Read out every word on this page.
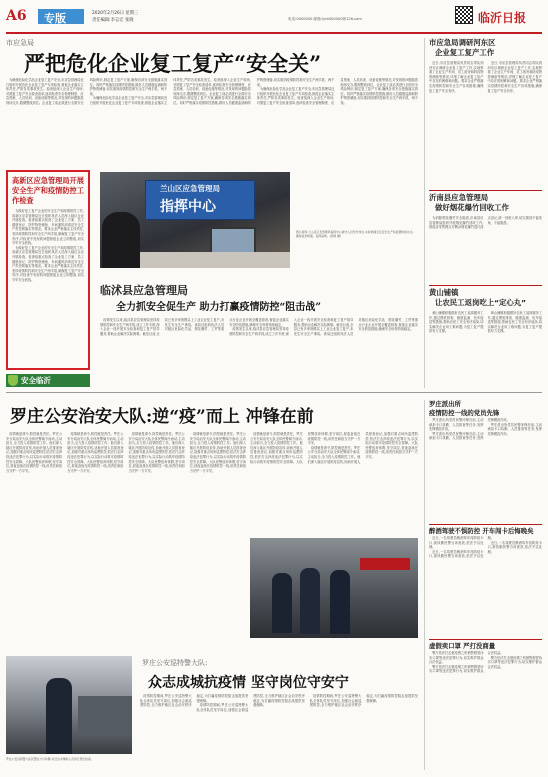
A6 专版	2020年2月26日 星期三
责任编辑:李志宏 张晓	电话:0000000 邮箱:lyrb000000@126.com	临沂日报
市应急局
严把危化企业复工复产“安全关”

为确保危险化学品企业复工复产安全,市应急管理局近日组织开展危化企业复工复产专项检查,督促企业落实主体责任,严防各类事故发生。检查组深入企业生产现场,对照复工复产安全检查清单,逐项检查安全管理制度、应急预案、人员培训、设备设施等情况,对发现的问题隐患现场交办,限期整改到位。企业复工前必须进行全面安全风险辨识,制定复工复产方案,确保各项安全措施落实到位。同时严格落实疫情防控措施,做好人员健康监测和防护物资储备,切实做到疫情防控和安全生产两手抓、两不误。

为确保危险化学品企业复工复产安全,市应急管理局近日组织开展危化企业复工复产专项检查,督促企业落实主体责任,严防各类事故发生。检查组深入企业生产现场,对照复工复产安全检查清单,逐项检查安全管理制度、应急预案、人员培训、设备设施等情况,对发现的问题隐患现场交办,限期整改到位。企业复工前必须进行全面安全风险辨识,制定复工复产方案,确保各项安全措施落实到位。同时严格落实疫情防控措施,做好人员健康监测和防护物资储备,切实做到疫情防控和安全生产两手抓、两不误。

为确保危险化学品企业复工复产安全,市应急管理局近日组织开展危化企业复工复产专项检查,督促企业落实主体责任,严防各类事故发生。检查组深入企业生产现场,对照复工复产安全检查清单,逐项检查安全管理制度、应急预案、人员培训、设备设施等情况,对发现的问题隐患现场交办,限期整改到位。企业复工前必须进行全面安全风险辨识,制定复工复产方案,确保各项安全措施落实到位。同时严格落实疫情防控措施,做好人员健康监测和防护物资储备,切实做到疫情防控和安全生产两手抓、两不误。

高新区应急管理局开展安全生产和疫情防控工作检查

为做好复工复产企业的安全生产和疫情防控工作,高新区应急管理局近日组织执法人员深入辖区企业开展检查。检查组重点检查了企业复工方案、员工健康登记、防护物资储备、车间通风消毒及安全生产责任制落实等情况。要求企业严格落实主体责任,坚持疫情防控和安全生产两手抓,确保复工复产安全有序,对检查中发现的问题督促企业立即整改,切实守牢安全底线。

为做好复工复产企业的安全生产和疫情防控工作,高新区应急管理局近日组织执法人员深入辖区企业开展检查。检查组重点检查了企业复工方案、员工健康登记、防护物资储备、车间通风消毒及安全生产责任制落实等情况。要求企业严格落实主体责任,坚持疫情防控和安全生产两手抓,确保复工复产安全有序,对检查中发现的问题督促企业立即整改,切实守牢安全底线。

安全临沂
兰山区应急管理局
指挥中心
图片新闻:兰山区应急管理局指挥中心值守人员坚守岗位,实时掌握全区安全生产和疫情防控动态,确保信息畅通、指挥高效。(孙明 摄)
临沭县应急管理局
全力抓安全促生产 助力打赢疫情防控“阻击战”

疫情发生以来,临沭县应急管理局坚持疫情防控和安全生产两手抓,成立工作专班,深入企业一线开展安全检查和复工复产指导服务,帮助企业解决实际困难。截至目前,全县已有多家规模以上工业企业复工复产,未发生安全生产事故。该局还组织执法人员对辖区危险化学品、烟花爆竹、工贸等重点行业企业开展全覆盖排查,督促企业落实安全防范措施,确保安全形势持续稳定。

疫情发生以来,临沭县应急管理局坚持疫情防控和安全生产两手抓,成立工作专班,深入企业一线开展安全检查和复工复产指导服务,帮助企业解决实际困难。截至目前,全县已有多家规模以上工业企业复工复产,未发生安全生产事故。该局还组织执法人员对辖区危险化学品、烟花爆竹、工贸等重点行业企业开展全覆盖排查,督促企业落实安全防范措施,确保安全形势持续稳定。

市应急局调研河东区
企业复工复产工作

近日,市应急管理局负责同志带队到河东区调研企业复工复产工作,实地察看了企业生产车间、员工宿舍和防疫物资储备等情况,详细了解企业复工复产中存在的困难和问题。要求企业严格落实疫情防控和安全生产各项措施,确保复工复产安全有序。

近日,市应急管理局负责同志带队到河东区调研企业复工复产工作,实地察看了企业生产车间、员工宿舍和防疫物资储备等情况,详细了解企业复工复产中存在的困难和问题。要求企业严格落实疫情防控和安全生产各项措施,确保复工复产安全有序。

沂南县应急管理局
做好烟花爆竹回收工作

为消除烟花爆竹安全隐患,沂南县应急管理局组织开展烟花爆竹回收工作,督促各零售网点对剩余烟花爆竹进行清点登记,统一回收入库,切实做到不留死角、不留隐患。

黄山铺镇
让农民工返岗吃上“定心丸”

黄山铺镇积极做好农民工返岗服务工作,通过摸底排查、健康监测、包车接送等措施,帮助农民工安全有序返岗,切实解决企业用工难问题,为复工复产提供有力支撑。

黄山铺镇积极做好农民工返岗服务工作,通过摸底排查、健康监测、包车接送等措施,帮助农民工安全有序返岗,切实解决企业用工难问题,为复工复产提供有力支撑。

罗庄公安治安大队:逆“疫”而上 冲锋在前

疫情就是命令,防控就是责任。罗庄公安分局治安大队全体民警闻令而动,主动担当,全力投入疫情防控工作。他们深入辖区开展防疫宣传,协助开展人员排查登记,加强对重点场所巡逻防控,依法打击涉疫违法犯罪行为,以实际行动筑牢疫情防控安全屏障。大队民警放弃休假,坚守岗位,昼夜奋战在疫情防控一线,用责任和担当守护一方平安。

疫情就是命令,防控就是责任。罗庄公安分局治安大队全体民警闻令而动,主动担当,全力投入疫情防控工作。他们深入辖区开展防疫宣传,协助开展人员排查登记,加强对重点场所巡逻防控,依法打击涉疫违法犯罪行为,以实际行动筑牢疫情防控安全屏障。大队民警放弃休假,坚守岗位,昼夜奋战在疫情防控一线,用责任和担当守护一方平安。

疫情就是命令,防控就是责任。罗庄公安分局治安大队全体民警闻令而动,主动担当,全力投入疫情防控工作。他们深入辖区开展防疫宣传,协助开展人员排查登记,加强对重点场所巡逻防控,依法打击涉疫违法犯罪行为,以实际行动筑牢疫情防控安全屏障。大队民警放弃休假,坚守岗位,昼夜奋战在疫情防控一线,用责任和担当守护一方平安。

疫情就是命令,防控就是责任。罗庄公安分局治安大队全体民警闻令而动,主动担当,全力投入疫情防控工作。他们深入辖区开展防疫宣传,协助开展人员排查登记,加强对重点场所巡逻防控,依法打击涉疫违法犯罪行为,以实际行动筑牢疫情防控安全屏障。大队民警放弃休假,坚守岗位,昼夜奋战在疫情防控一线,用责任和担当守护一方平安。

疫情就是命令,防控就是责任。罗庄公安分局治安大队全体民警闻令而动,主动担当,全力投入疫情防控工作。他们深入辖区开展防疫宣传,协助开展人员排查登记,加强对重点场所巡逻防控,依法打击涉疫违法犯罪行为,以实际行动筑牢疫情防控安全屏障。大队民警放弃休假,坚守岗位,昼夜奋战在疫情防控一线,用责任和担当守护一方平安。

疫情就是命令,防控就是责任。罗庄公安分局治安大队全体民警闻令而动,主动担当,全力投入疫情防控工作。他们深入辖区开展防疫宣传,协助开展人员排查登记,加强对重点场所巡逻防控,依法打击涉疫违法犯罪行为,以实际行动筑牢疫情防控安全屏障。大队民警放弃休假,坚守岗位,昼夜奋战在疫情防控一线,用责任和担当守护一方平安。

罗庄派出所
疫情防控一线的党员先锋

罗庄派出所党员民警冲锋在前,主动承担卡口执勤、人员排查等任务,发挥先锋模范作用。

罗庄派出所党员民警冲锋在前,主动承担卡口执勤、人员排查等任务,发挥先锋模范作用。

罗庄派出所党员民警冲锋在前,主动承担卡口执勤、人员排查等任务,发挥先锋模范作用。

醉酒驾驶不惧防控 开车闯卡后悔晚矣

近日,一名驾驶员醉酒驾车闯防疫卡口,被执勤民警当场查获,依法予以处理。

近日,一名驾驶员醉酒驾车闯防疫卡口,被执勤民警当场查获,依法予以处理。

近日,一名驾驶员醉酒驾车闯防疫卡口,被执勤民警当场查获,依法予以处理。

虚假卖口罩 严打没商量

警方依法打击借疫情之机销售假冒伪劣口罩等违法犯罪行为,切实维护群众合法权益。

警方依法打击借疫情之机销售假冒伪劣口罩等违法犯罪行为,切实维护群众合法权益。

警方依法打击借疫情之机销售假冒伪劣口罩等违法犯罪行为,切实维护群众合法权益。

罗庄公安巡特警大队民警在卡口执勤,对过往车辆和人员进行登记检查。
罗庄公安巡特警大队:
众志成城抗疫情 坚守岗位守安宁

疫情防控期间,罗庄公安巡特警大队全体队员坚守岗位,加强社会面巡逻防控,全力维护辖区社会治安秩序稳定,为打赢疫情防控阻击战提供坚强保障。

疫情防控期间,罗庄公安巡特警大队全体队员坚守岗位,加强社会面巡逻防控,全力维护辖区社会治安秩序稳定,为打赢疫情防控阻击战提供坚强保障。

疫情防控期间,罗庄公安巡特警大队全体队员坚守岗位,加强社会面巡逻防控,全力维护辖区社会治安秩序稳定,为打赢疫情防控阻击战提供坚强保障。
